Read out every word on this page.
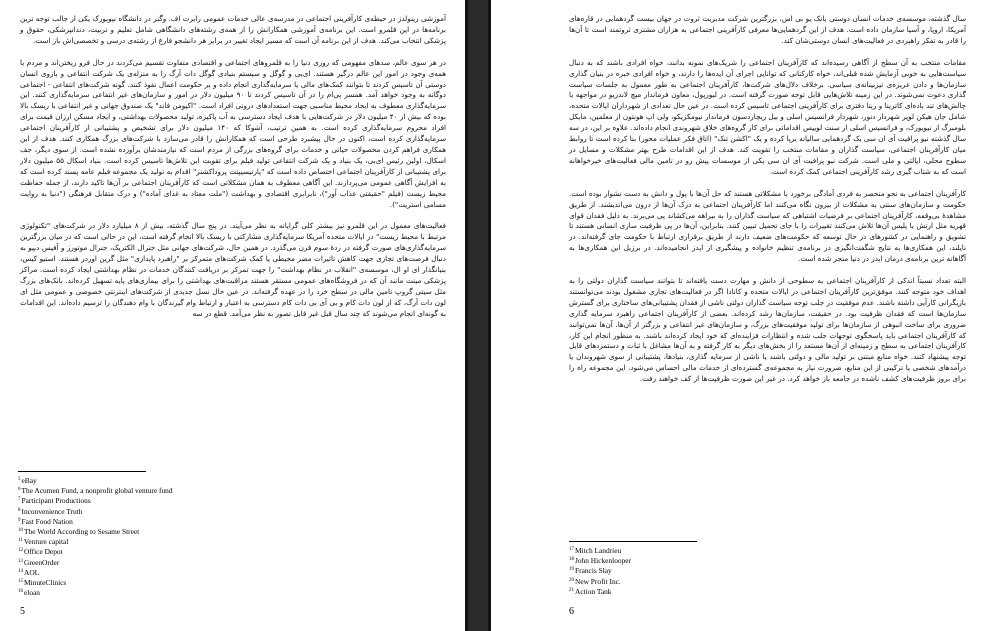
آموزشی رینولدز در حیطه‌ی کارآفرینی اجتماعی در مدرسه‌ی عالی خدمات عمومی رابرت اف. وگنر در دانشگاه نیویورک یکی از جالب توجه ترین برنامه‌ها در این قلمرو است. این برنامه‌ی آموزشی همکارانش را از همه‌ی رشته‌های دانشگاهی شامل تعلیم و تربیت، دندانپزشکی، حقوق و پزشکی انتخاب می‌کند. هدف از این برنامه آن است که مسیر ایجاد تغییر در برابر هر دانشجو فارغ از رشته‌ی درسی و تخصصی‌اش باز است.

در هر سوی عالم، سدهای مفهومی که روزی دنیا را به قلمروهای اجتماعی و اقتصادی متفاوت تقسیم می‌کردند در حال فرو ریختن‌اند و مردم با همه‌ی وجود در امور این عالم درگیر هستند. ای‌بی و گوگل و سیستم بنیادی گوگل دات آرگ را به منزله‌ی یک شرکت انتفاعی و بازوی انسان دوستی آن تاسیس کردند تا بتوانند کمک‌های مالی یا سرمایه‌گذاری انجام داده و بر حکومت اعمال نفوذ کنند. گونه شرکت‌های انتفاعی - اجتماعی دوگانه به وجود خواهد آمد. همسر پی‌ام را در آن تاسیس کردند تا ۹۰ میلیون دلار در امور و سازمان‌های غیر انتفاعی سرمایه‌گذاری کنند. این سرمایه‌گذاری معطوف به ایجاد محیط مناسبی جهت استعدادهای درونی افراد است. "اکیومن فاند" یک صندوق جهانی و غیر انتفاعی با ریسک بالا بوده که بیش از ۴۰ میلیون دلار در شرکت‌هایی با هدف ایجاد دسترسی به آب پاکیزه، تولید محصولات بهداشتی، و ایجاد مسکن ارزان قیمت برای افراد محروم سرمایه‌گذاری کرده است. به همین ترتیب، آشوکا که ۱۴۰ میلیون دلار برای تشخیص و پشتیبانی از کارآفرینان اجتماعی سرمایه‌گذاری کرده است، اکنون در حال پیشبرد طرحی است که همکارانش را قادر می‌سازد با شرکت‌های بزرگ همکاری کنند. هدف از این همکاری فراهم کردن محصولات حیاتی و خدمات برای گروه‌های بزرگی از مردم است که نیازمندشان برآورده نشده است. از سوی دیگر، جف اسکال، اولین رئیس ای‌بی، یک بنیاد و یک شرکت انتفاعی تولید فیلم برای تقویت این تلاش‌ها تاسیس کرده است. بنیاد اسکال ۵۵ میلیون دلار برای پشتیبانی از کارآفرینان اجتماعی اختصاص داده است که "پارتیسیپنت پروداکشنز" اقدام به تولید یک مجموعه فیلم عامه پسند کرده است که به افزایش آگاهی عمومی می‌پردازند. این آگاهی معطوف به همان مشکلاتی است که کارآفرینان اجتماعی بر آن‌ها تاکید دارند، از جمله حفاظت محیط زیست (فیلم "حقیقتی عذاب آور")، نابرابری اقتصادی و بهداشت ("ملت معتاد به غذای آماده") و درک متقابل فرهنگی ("دنیا به روایت مسامی استریت").

فعالیت‌های معمول در این قلمرو نیز بیشتر کلی گرایانه به نظر می‌آیند. در پنج سال گذشته، بیش از ۸ میلیارد دلار در شرکت‌های "تکنولوژی مرتبط با محیط زیست" در ایالات متحده آمریکا سرمایه‌گذاری مشارکتی با ریسک بالا انجام گرفته است، این در حالی است که در میان بزرگترین سرمایه‌گذاری‌های صورت گرفته در ردهٔ سوم قرن می‌گذرد. در همین حال، شرکت‌های جهانی مثل جنرال الکتریک، جنرال موتورز و آفیس دیپو به دنبال فرصت‌های تجاری جهت کاهش تاثیرات مضر محیطی یا کمک شرکت‌های متمرکز بر "راهبرد پایداری" مثل گرین اوردر هستند. استیو کیس، بنیانگذار ای او ال، موسسه‌ی "انقلاب در نظام بهداشت" را جهت تمرکز بر دریافت کنندگان خدمات در نظام بهداشتی ایجاد کرده است. مراکز پزشکی مینت مانند آن که در فروشگاه‌های عمومی مستقر هستند مراقبت‌های بهداشتی را برای بیماری‌های پایه تسهیل کرده‌اند. بانک‌های بزرگ مثل سیتی گروپ تامین مالی در سطح خرد را در عهده گرفته‌اند. در عین حال نسل جدیدی از شرکت‌های اینترنتی خصوصی و عمومی مثل ای لون دات آرگ، که از لون دات کام و بی آی بی دات کام دسترسی به اعتبار و ارتباط وام گیرندگان با وام دهندگان را ترسیم داده‌اند. این اقدامات به گونه‌ای انجام می‌شوند که چند سال قبل غیر قابل تصور به نظر می‌آمد. قطع در سه

$^5$eBay
$^6$The Acumen Fund, a nonprofit global venture fund
$^7$Participant Productions
$^8$Inconvenience Truth
$^9$Fast Food Nation
$^{10}$The World According to Sesame Street
$^{11}$Venture capital
$^{12}$Office Depot
$^{13}$GreenOrder
$^{14}$AOL
$^{15}$MinuteClinics
$^{16}$eloan
5

سال گذشته، موسسه‌ی خدمات انسان دوستی بانک یو بی اس، بزرگترین شرکت مدیریت ثروت در جهان بیست گردهمایی در قاره‌های آمریکا، اروپا، و آسیا سازمان داده است. هدف از این گردهمایی‌ها معرفی کارآفرینی اجتماعی به هزاران مشتری ثروتمند است تا آن‌ها را قادر به تفکر راهبردی در فعالیت‌های انسان دوستی‌شان کند.

مقامات منتخب به آن سطح از آگاهی رسیده‌اند که کارآفرینان اجتماعی را شریک‌های نمونه بدانند، خواه افرادی باشند که به دنبال سیاست‌هایی به خوبی آزمایش شده قبلی‌اند، خواه کارکنانی که توانایی اجرای آن ایده‌ها را دارند، و خواه افرادی خبره در بنیان گذاری سازمان‌ها و دادن غریزه‌ی تیزبینانه‌ی سیاسی. برخلاف دلال‌های شرکت‌ها، کارآفرینان اجتماعی به طور معمول به جلسات سیاست گذاری دعوت نمی‌شوند. در این زمینه تلاش‌هایی قابل توجه صورت گرفته است. در لیورپول، معاون فرماندار میچ لاندریو در مواجهه با چالش‌های تند باده‌ای کاترینا و ریتا دفتری برای کارآفرینی اجتماعی تاسیس کرده است. در عین حال تعدادی از شهرداران ایالات متحده، شامل جان هیکن لوپر شهردار دنور، شهردار فرانسیس اسلی و بیل ریچاردسون فرماندار نیومکزیکو، ولی اپ هونتون از معلمین، مایکل بلومبرگ از نیویورک، و فرانسیس اسلی از سنت لوییس اقداماتی برای کار گروه‌های خلاق شهروندی انجام داده‌اند. علاوه بر این، در سه سال گذشته نیو پرافیت آی ان سی یک گردهمایی سالیانه برپا کرده و یک "اکشن تنک" (اتاق فکر عملیات محور) بنا کرده است تا روابط میان کارآفرینان اجتماعی، سیاست گذاران و مقامات منتخب را تقویت کند. هدف از این اقدامات طرح بهتر مشکلات و مسایل در سطوح محلی، ایالتی و ملی است. شرکت نیو پرافیت آی ان سی یکی از موسسات پیش رو در تامین مالی فعالیت‌های خیرخواهانه است که به شتاب گیری رشد کارآفرینی اجتماعی کمک کرده است.

کارآفرینان اجتماعی به نحو منحصر به فردی آمادگی برخورد با مشکلاتی هستند که حل آن‌ها با پول و دانش به دست نشوار بوده است. حکومت و سازمان‌های سنتی به مشکلات از بیرون نگاه می‌کنند اما کارآفرینان اجتماعی به درک آن‌ها از درون می‌اندیشند. از طریق مشاهدهٔ بی‌وقفه، کارآفرینان اجتماعی بر فرضیات اشتباهی که سیاست گذاران را به بیراهه می‌کشاند پی می‌برند. به دلیل فقدان قوای قهریه مثل ارتش یا پلیس آن‌ها تلاش می‌کنند تغییرات را با جای تحمیل تبیین کنند. بنابراین، آن‌ها در پی ظرفیت سازی انسانی هستند تا تشویق و راهنمایی در کشورهای در حال توسعه که حکومت‌های ضعیف دارند از طریق برقراری ارتباط با حکومت جای گرفته‌اند. در نایلند، این همکاری‌ها به نتایج شگفت‌انگیزی در برنامه‌ی تنظیم خانواده و پیشگیری از ایدز انجامیده‌اند. در برزیل این همکاری‌ها به آگاهانه ترین برنامه‌ی درمان ایدز در دنیا منجر شده است.

البته تعداد نسبتاً اندکی از کارآفرینان اجتماعی به سطوحی از دانش و مهارت دست یافته‌اند تا بتوانند سیاست گذاران دولتی را به اهداف خود متوجه کنند. موفق‌ترین کارآفرینان اجتماعی در ایالات متحده و کانادا اگر در فعالیت‌های تجاری مشغول بودند می‌توانستند بازیگرانی کارآیی داشته باشند. عدم موفقیت در جلب توجه سیاست گذاران دولتی ناشی از فقدان پشتیبانی‌های ساختاری برای گسترش سازمان‌ها است که فقدان ظرفیت بود. در حقیقت، سازمان‌ها رشد کرده‌اند. بعضی از کارآفرینان اجتماعی راهبرد سرمایه گذاری ضروری برای ساخت انبوهی از سازمان‌ها برای تولید موفقیت‌های بزرگ، و سازمان‌های غیر انتفاعی و بزرگتر از آن‌ها. آن‌ها نمی‌توانند که کارآفرینان اجتماعی باید پاسخگوی توجهات جلب شده و انتظارات فزاینده‌ای که خود ایجاد کرده‌اند باشند. به منظور انجام این کار، کارآفرینان اجتماعی به سطح و زمینه‌ای از آن‌ها مستعد را از بخش‌های دیگر به کار گرفته و به آن‌ها مشاغل با ثبات و دستمزدهای قابل توجه پیشنهاد کنند. خواه منابع مبتنی بر تولید مالی و دولتی باشند یا ناشی از سرمایه گذاری، بنیادها، پشتیبانی از سوی شهروندان یا درآمدهای شخصی یا ترکیبی از این منابع، ضرورت نیاز به مجموعه‌ی گسترده‌ای از خدمات مالی احساس می‌شود. این مجموعه راه را برای بروز ظرفیت‌های کشف ناشده در جامعه باز خواهد کرد. در غیر این صورت ظرفیت‌ها از کف خواهند رفت.

$^{17}$Mitch Landrieu
$^{18}$John Hickenlooper
$^{19}$Francis Slay
$^{20}$New Profit Inc.
$^{21}$Action Tank
6
